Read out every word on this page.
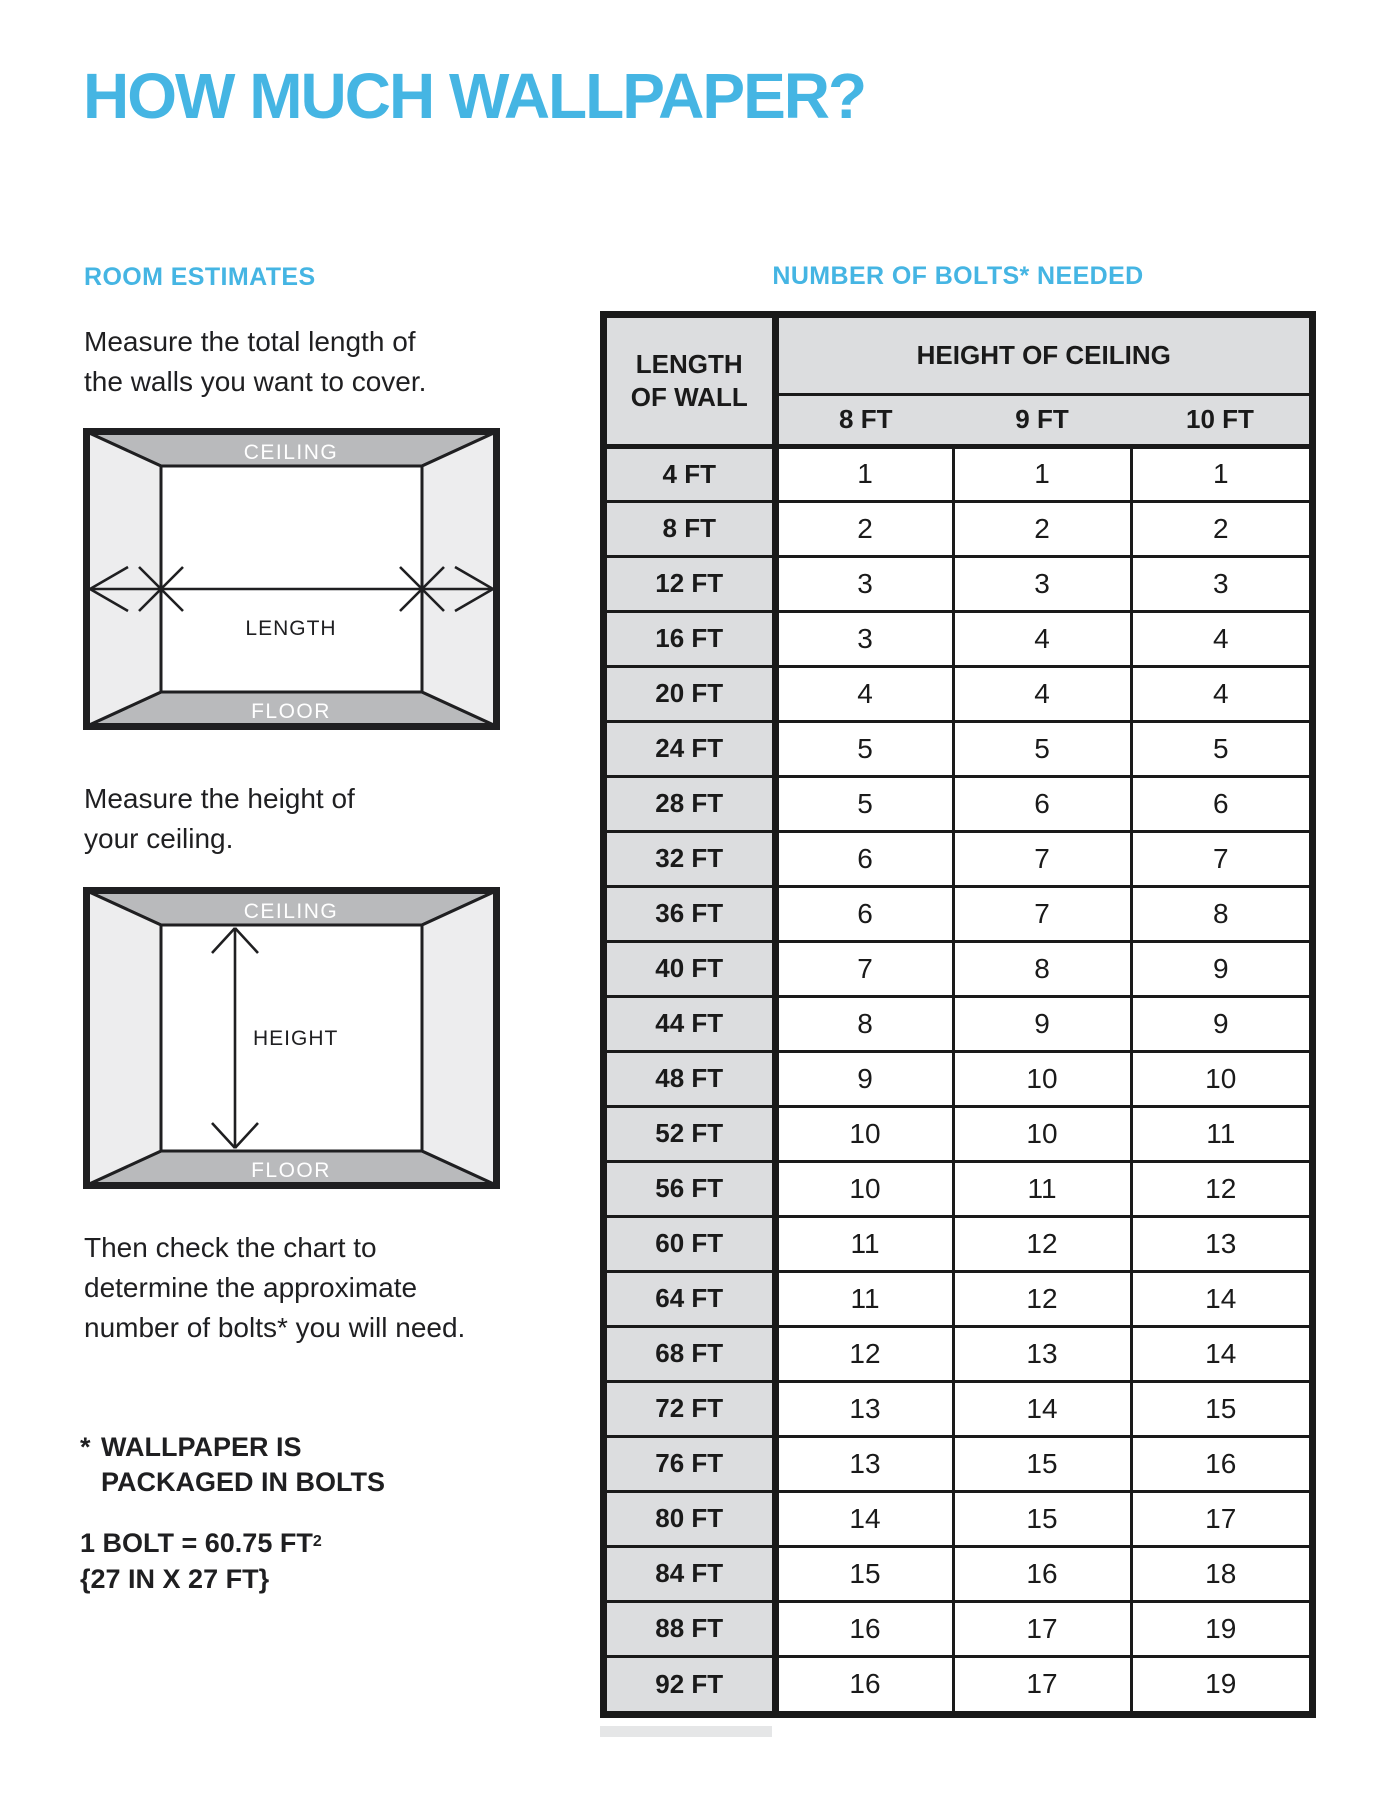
HOW MUCH WALLPAPER?
ROOM ESTIMATES

Measure the total length of
the walls you want to cover.

CEILING
FLOOR
LENGTH

Measure the height of
your ceiling.

CEILING
FLOOR
HEIGHT

Then check the chart to
determine the approximate
number of bolts* you will need.

* WALLPAPER IS
PACKAGED IN BOLTS

1 BOLT = 60.75 $FT^2$
{27 IN X 27 FT}

NUMBER OF BOLTS* NEEDED
LENGTH
OF WALL	HEIGHT OF CEILING		
	8 FT	9 FT	10 FT
4 FT	1	1	1
8 FT	2	2	2
12 FT	3	3	3
16 FT	3	4	4
20 FT	4	4	4
24 FT	5	5	5
28 FT	5	6	6
32 FT	6	7	7
36 FT	6	7	8
40 FT	7	8	9
44 FT	8	9	9
48 FT	9	10	10
52 FT	10	10	11
56 FT	10	11	12
60 FT	11	12	13
64 FT	11	12	14
68 FT	12	13	14
72 FT	13	14	15
76 FT	13	15	16
80 FT	14	15	17
84 FT	15	16	18
88 FT	16	17	19
92 FT	16	17	19
